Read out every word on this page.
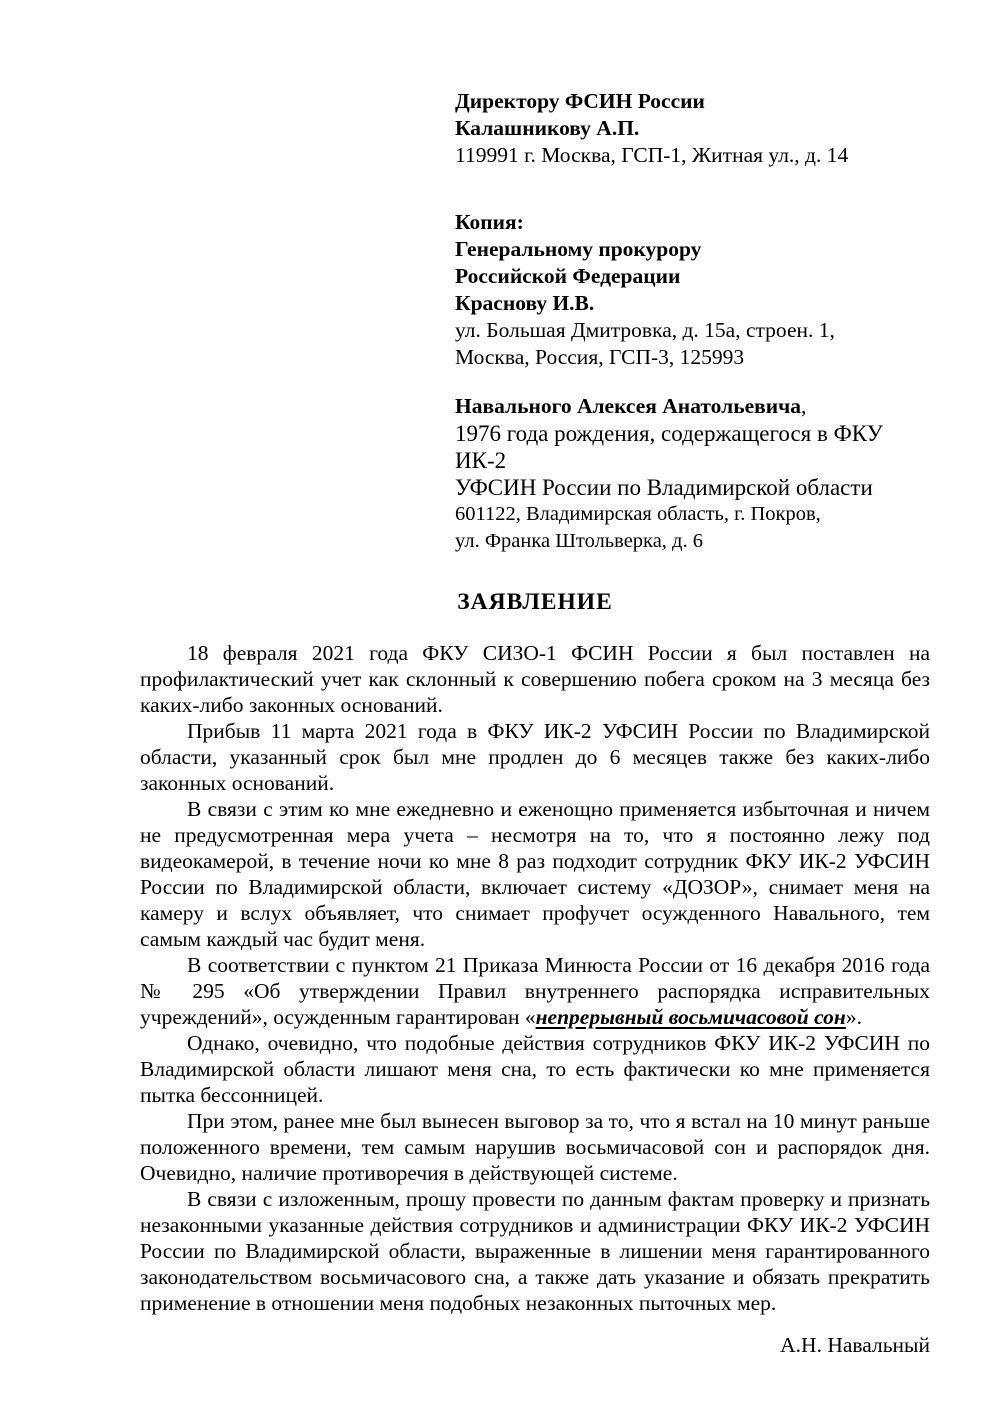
Директору ФСИН России
Калашникову А.П.
119991 г. Москва, ГСП-1, Житная ул., д. 14
Копия:
Генеральному прокурору
Российской Федерации
Краснову И.В.
ул. Большая Дмитровка, д. 15а, строен. 1,
Москва, Россия, ГСП-3, 125993
Навального Алексея Анатольевича,
1976 года рождения, содержащегося в ФКУ ИК-2
УФСИН России по Владимирской области
601122, Владимирская область, г. Покров,
ул. Франка Штольверка, д. 6
ЗАЯВЛЕНИЕ

18 февраля 2021 года ФКУ СИЗО-1 ФСИН России я был поставлен на профилактический учет как склонный к совершению побега сроком на 3 месяца без каких-либо законных оснований.

Прибыв 11 марта 2021 года в ФКУ ИК-2 УФСИН России по Владимирской области, указанный срок был мне продлен до 6 месяцев также без каких-либо законных оснований.

В связи с этим ко мне ежедневно и еженощно применяется избыточная и ничем не предусмотренная мера учета – несмотря на то, что я постоянно лежу под видеокамерой, в течение ночи ко мне 8 раз подходит сотрудник ФКУ ИК-2 УФСИН России по Владимирской области, включает систему «ДОЗОР», снимает меня на камеру и вслух объявляет, что снимает профучет осужденного Навального, тем самым каждый час будит меня.

В соответствии с пунктом 21 Приказа Минюста России от 16 декабря 2016 года № 295 «Об утверждении Правил внутреннего распорядка исправительных учреждений», осужденным гарантирован «непрерывный восьмичасовой сон».

Однако, очевидно, что подобные действия сотрудников ФКУ ИК-2 УФСИН по Владимирской области лишают меня сна, то есть фактически ко мне применяется пытка бессонницей.

При этом, ранее мне был вынесен выговор за то, что я встал на 10 минут раньше положенного времени, тем самым нарушив восьмичасовой сон и распорядок дня. Очевидно, наличие противоречия в действующей системе.

В связи с изложенным, прошу провести по данным фактам проверку и признать незаконными указанные действия сотрудников и администрации ФКУ ИК-2 УФСИН России по Владимирской области, выраженные в лишении меня гарантированного законодательством восьмичасового сна, а также дать указание и обязать прекратить применение в отношении меня подобных незаконных пыточных мер.

А.Н. Навальный
